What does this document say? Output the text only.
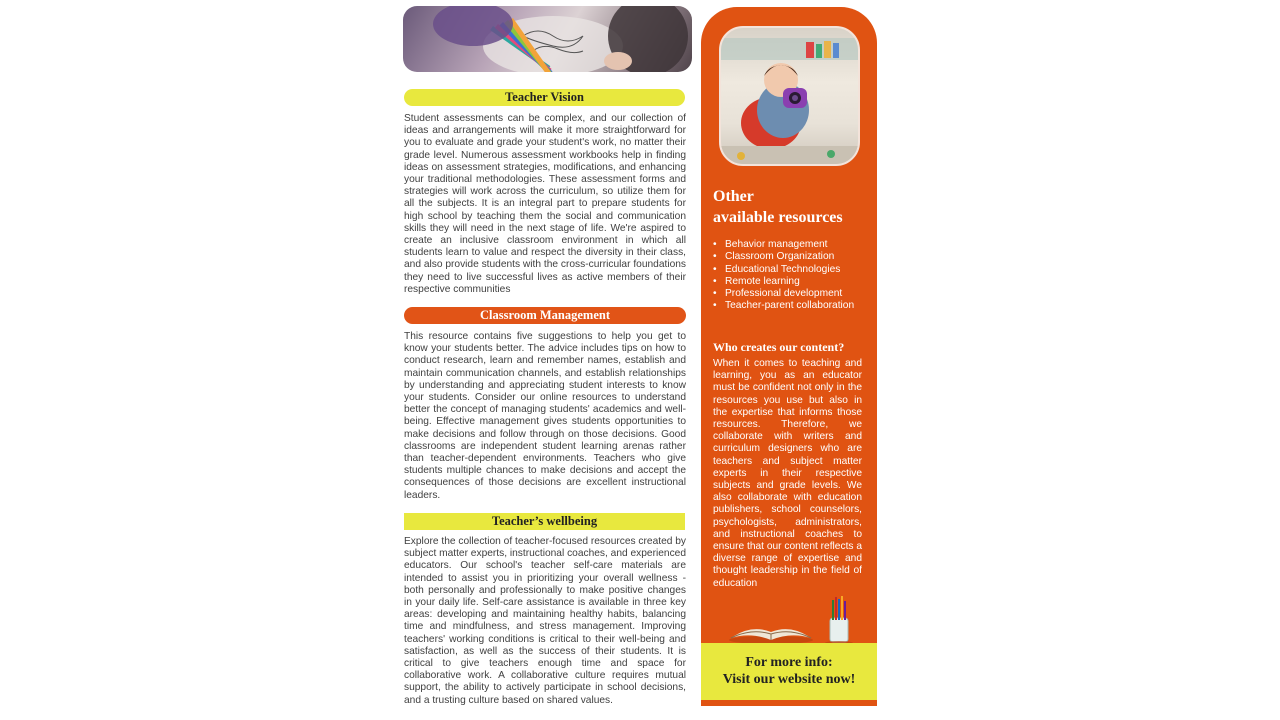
Teacher Vision
Student assessments can be complex, and our collection of ideas and arrangements will make it more straightforward for you to evaluate and grade your student's work, no matter their grade level. Numerous assessment workbooks help in finding ideas on assessment strategies, modifications, and enhancing your traditional methodologies. These assessment forms and strategies will work across the curriculum, so utilize them for all the subjects. It is an integral part to prepare students for high school by teaching them the social and communication skills they will need in the next stage of life. We're aspired to create an inclusive classroom environment in which all students learn to value and respect the diversity in their class, and also provide students with the cross-curricular foundations they need to live successful lives as active members of their respective communities
Classroom Management
This resource contains five suggestions to help you get to know your students better. The advice includes tips on how to conduct research, learn and remember names, establish and maintain communication channels, and establish relationships by understanding and appreciating student interests to know your students. Consider our online resources to understand better the concept of managing students' academics and well-being. Effective management gives students opportunities to make decisions and follow through on those decisions. Good classrooms are independent student learning arenas rather than teacher-dependent environments. Teachers who give students multiple chances to make decisions and accept the consequences of those decisions are excellent instructional leaders.
Teacher’s wellbeing
Explore the collection of teacher-focused resources created by subject matter experts, instructional coaches, and experienced educators. Our school's teacher self-care materials are intended to assist you in prioritizing your overall wellness - both personally and professionally to make positive changes in your daily life. Self-care assistance is available in three key areas: developing and maintaining healthy habits, balancing time and mindfulness, and stress management. Improving teachers' working conditions is critical to their well-being and satisfaction, as well as the success of their students. It is critical to give teachers enough time and space for collaborative work. A collaborative culture requires mutual support, the ability to actively participate in school decisions, and a trusting culture based on shared values.
Other
available resources
• Behavior management
• Classroom Organization
• Educational Technologies
• Remote learning
• Professional development
• Teacher-parent collaboration
Who creates our content?
When it comes to teaching and learning, you as an educator must be confident not only in the resources you use but also in the expertise that informs those resources. Therefore, we collaborate with writers and curriculum designers who are teachers and subject matter experts in their respective subjects and grade levels. We also collaborate with education publishers, school counselors, psychologists, administrators, and instructional coaches to ensure that our content reflects a diverse range of expertise and thought leadership in the field of education
For more info:
Visit our website now!
